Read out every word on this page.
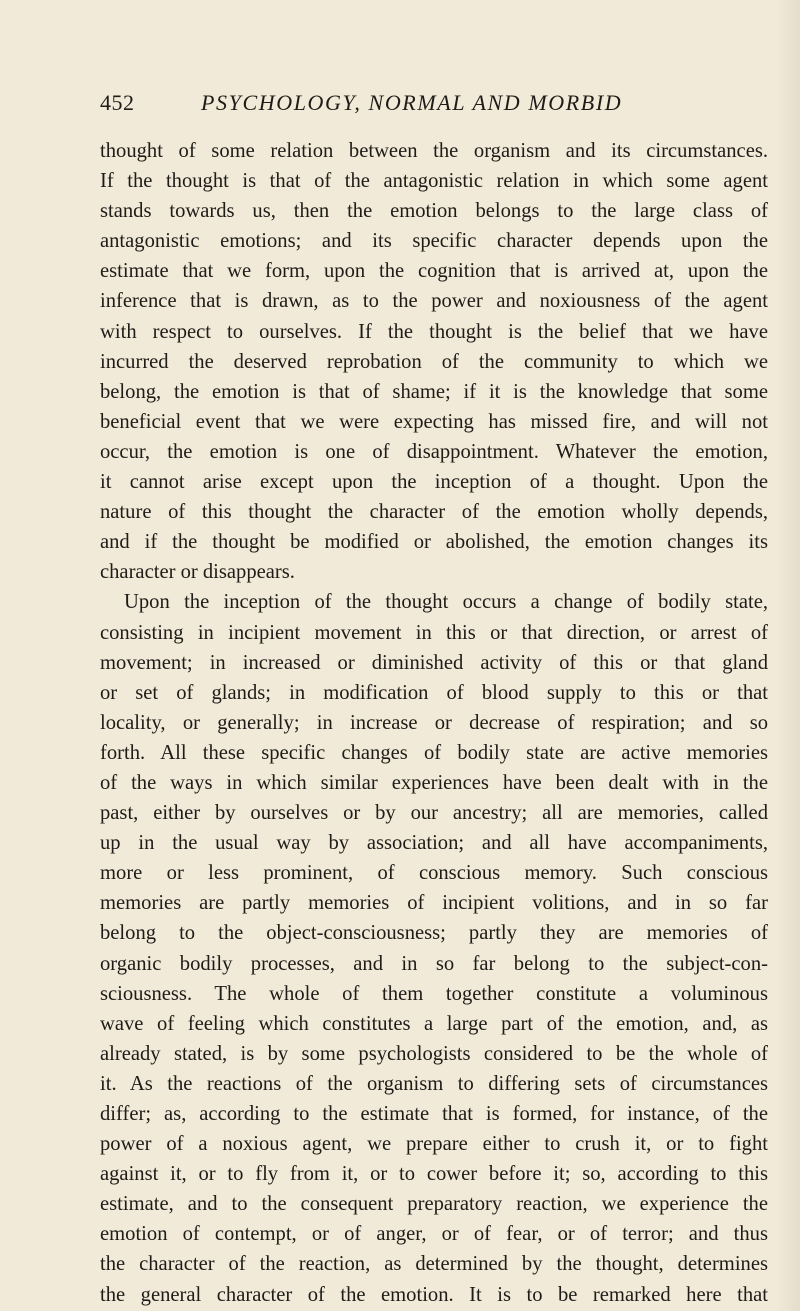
452	PSYCHOLOGY, NORMAL AND MORBID
thought of some relation between the organism and its circumstances.
If the thought is that of the antagonistic relation in which some agent
stands towards us, then the emotion belongs to the large class of
antagonistic emotions; and its specific character depends upon the
estimate that we form, upon the cognition that is arrived at, upon the
inference that is drawn, as to the power and noxiousness of the agent
with respect to ourselves. If the thought is the belief that we have
incurred the deserved reprobation of the community to which we
belong, the emotion is that of shame; if it is the knowledge that some
beneficial event that we were expecting has missed fire, and will not
occur, the emotion is one of disappointment. Whatever the emotion,
it cannot arise except upon the inception of a thought. Upon the
nature of this thought the character of the emotion wholly depends,
and if the thought be modified or abolished, the emotion changes its
character or disappears.
Upon the inception of the thought occurs a change of bodily state,
consisting in incipient movement in this or that direction, or arrest of
movement; in increased or diminished activity of this or that gland
or set of glands; in modification of blood supply to this or that
locality, or generally; in increase or decrease of respiration; and so
forth. All these specific changes of bodily state are active memories
of the ways in which similar experiences have been dealt with in the
past, either by ourselves or by our ancestry; all are memories, called
up in the usual way by association; and all have accompaniments,
more or less prominent, of conscious memory. Such conscious
memories are partly memories of incipient volitions, and in so far
belong to the object-consciousness; partly they are memories of
organic bodily processes, and in so far belong to the subject-con-
sciousness. The whole of them together constitute a voluminous
wave of feeling which constitutes a large part of the emotion, and, as
already stated, is by some psychologists considered to be the whole of
it. As the reactions of the organism to differing sets of circumstances
differ; as, according to the estimate that is formed, for instance, of the
power of a noxious agent, we prepare either to crush it, or to fight
against it, or to fly from it, or to cower before it; so, according to this
estimate, and to the consequent preparatory reaction, we experience the
emotion of contempt, or of anger, or of fear, or of terror; and thus
the character of the reaction, as determined by the thought, determines
the general character of the emotion. It is to be remarked here that
